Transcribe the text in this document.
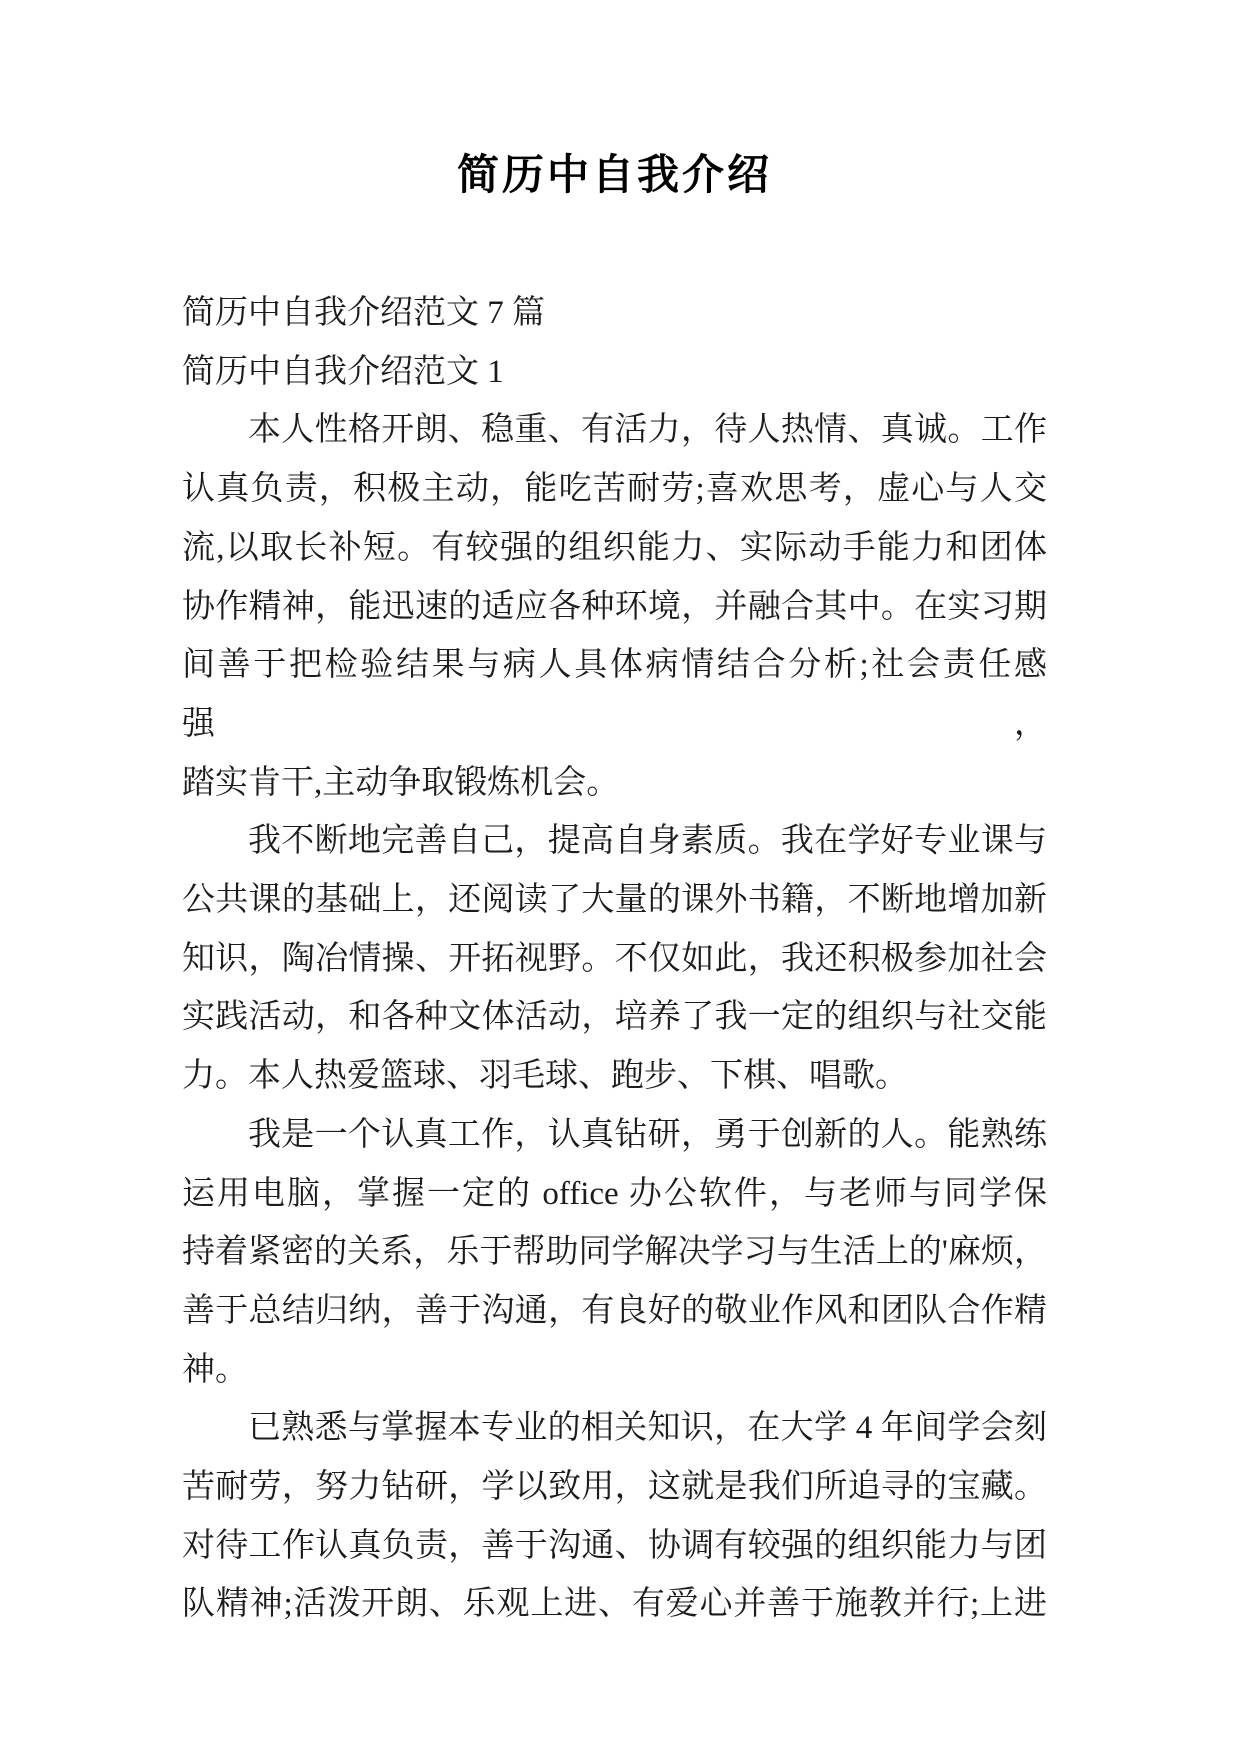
简历中自我介绍
简历中自我介绍范文 7 篇
简历中自我介绍范文 1
本人性格开朗、稳重、有活力，待人热情、真诚。工作
认真负责，积极主动，能吃苦耐劳;喜欢思考，虚心与人交
流,以取长补短。有较强的组织能力、实际动手能力和团体
协作精神，能迅速的适应各种环境，并融合其中。在实习期
间善于把检验结果与病人具体病情结合分析;社会责任感强，
踏实肯干,主动争取锻炼机会。
我不断地完善自己，提高自身素质。我在学好专业课与
公共课的基础上，还阅读了大量的课外书籍，不断地增加新
知识，陶冶情操、开拓视野。不仅如此，我还积极参加社会
实践活动，和各种文体活动，培养了我一定的组织与社交能
力。本人热爱篮球、羽毛球、跑步、下棋、唱歌。
我是一个认真工作，认真钻研，勇于创新的人。能熟练
运用电脑，掌握一定的 office 办公软件，与老师与同学保
持着紧密的关系，乐于帮助同学解决学习与生活上的'麻烦，
善于总结归纳，善于沟通，有良好的敬业作风和团队合作精
神。
已熟悉与掌握本专业的相关知识，在大学 4 年间学会刻
苦耐劳，努力钻研，学以致用，这就是我们所追寻的宝藏。
对待工作认真负责，善于沟通、协调有较强的组织能力与团
队精神;活泼开朗、乐观上进、有爱心并善于施教并行;上进
